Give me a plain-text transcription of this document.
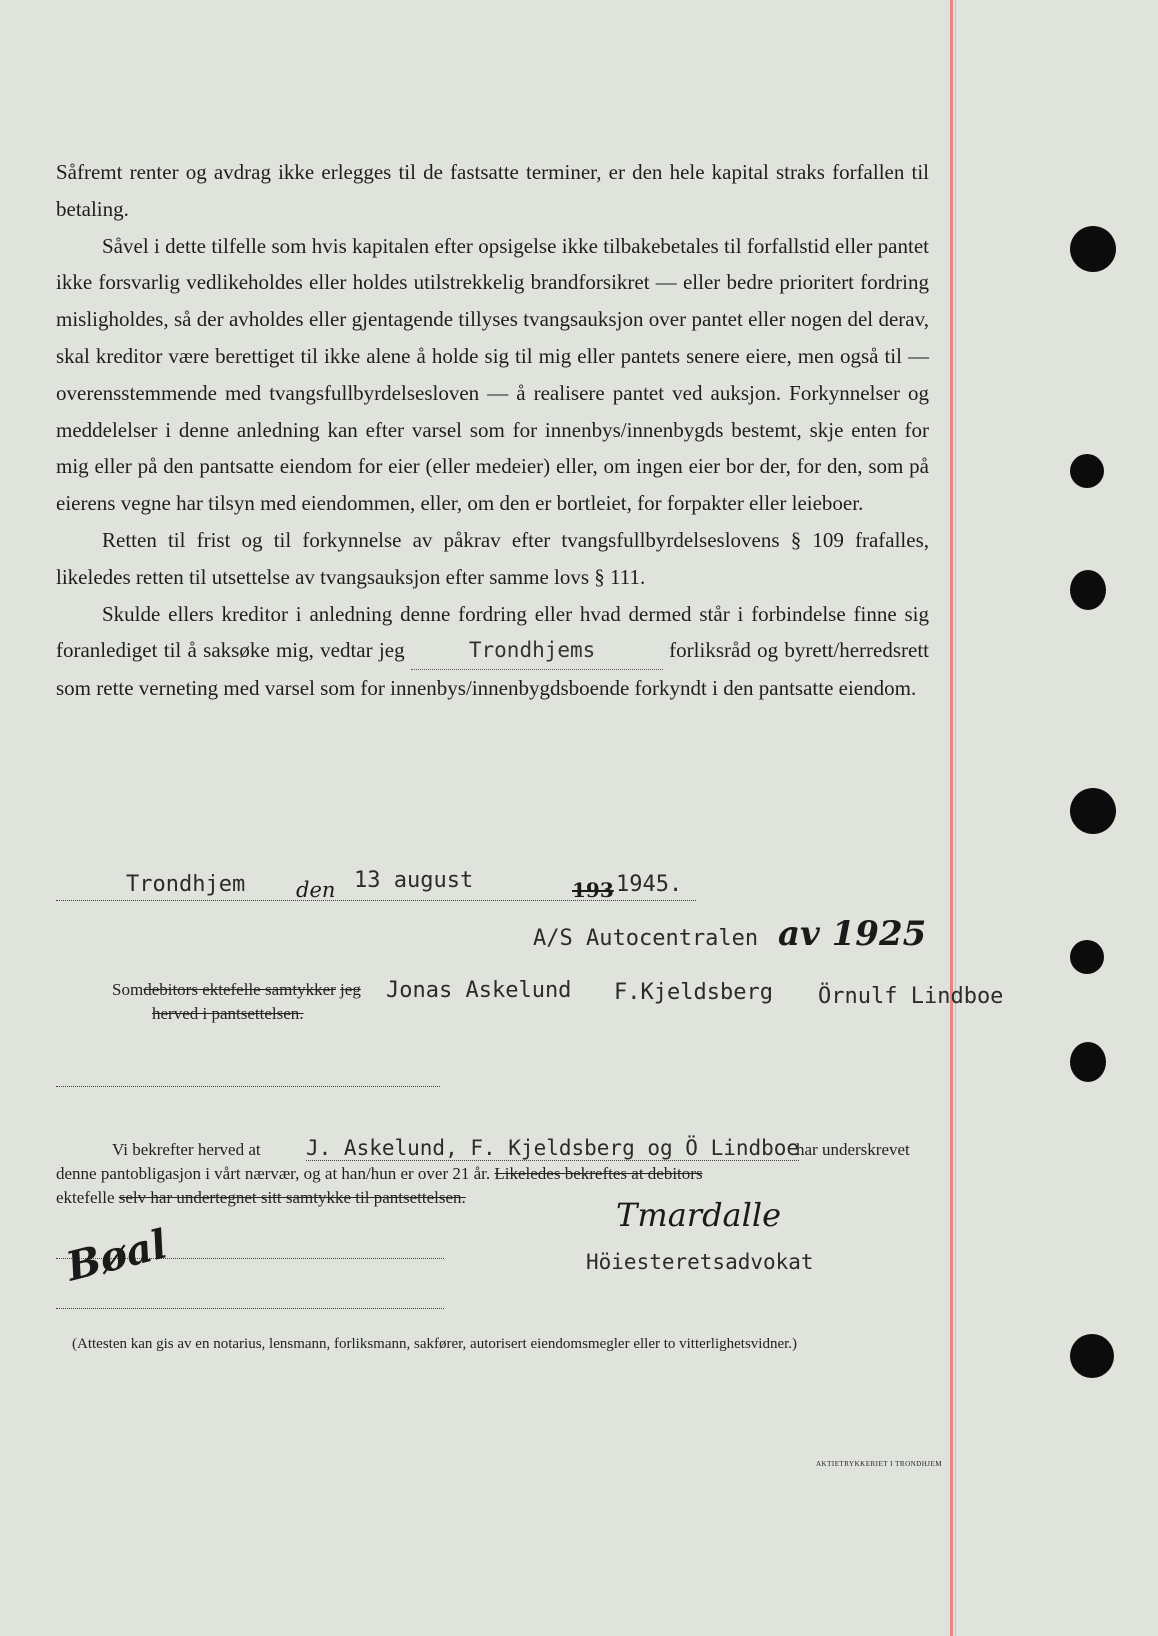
Såfremt renter og avdrag ikke erlegges til de fastsatte terminer, er den hele kapital straks forfallen til betaling.

Såvel i dette tilfelle som hvis kapitalen efter opsigelse ikke tilbakebetales til forfallstid eller pantet ikke forsvarlig vedlikeholdes eller holdes utilstrekkelig brandforsikret — eller bedre prioritert fordring misligholdes, så der avholdes eller gjentagende tillyses tvangsauksjon over pantet eller nogen del derav, skal kreditor være berettiget til ikke alene å holde sig til mig eller pantets senere eiere, men også til — overensstemmende med tvangsfullbyrdelsesloven — å realisere pantet ved auksjon. Forkynnelser og meddelelser i denne anledning kan efter varsel som for innenbys/innenbygds bestemt, skje enten for mig eller på den pantsatte eiendom for eier (eller medeier) eller, om ingen eier bor der, for den, som på eierens vegne har tilsyn med eiendommen, eller, om den er bortleiet, for forpakter eller leieboer.

Retten til frist og til forkynnelse av påkrav efter tvangsfullbyrdelseslovens § 109 frafalles, likeledes retten til utsettelse av tvangsauksjon efter samme lovs § 111.

Skulde ellers kreditor i anledning denne fordring eller hvad dermed står i forbindelse finne sig foranlediget til å saksøke mig, vedtar jeg	Trondhjems	forliksråd og byrett/herredsrett som rette verneting med varsel som for innenbys/innenbygdsboende forkyndt i den pantsatte eiendom.

Trondhjem den 13 august	193 1945.
A/S Autocentralen av 1925
Somdebitors ektefelle samtykker jeg
herved i pantsettelsen.
Jonas Askelund F.Kjeldsberg Örnulf Lindboe
Vi bekrefter herved at J. Askelund, F. Kjeldsberg og Ö Lindboe
har underskrevet
denne pantobligasjon i vårt nærvær, og at han/hun er over 21 år. Likeledes bekreftes at debitors
ektefelle selv har undertegnet sitt samtykke til pantsettelsen.
Bøal
Tmardalle
Höiesteretsadvokat
(Attesten kan gis av en notarius, lensmann, forliksmann, sakfører, autorisert eiendomsmegler eller to vitterlighetsvidner.)
AKTIETRYKKERIET I TRONDHJEM
